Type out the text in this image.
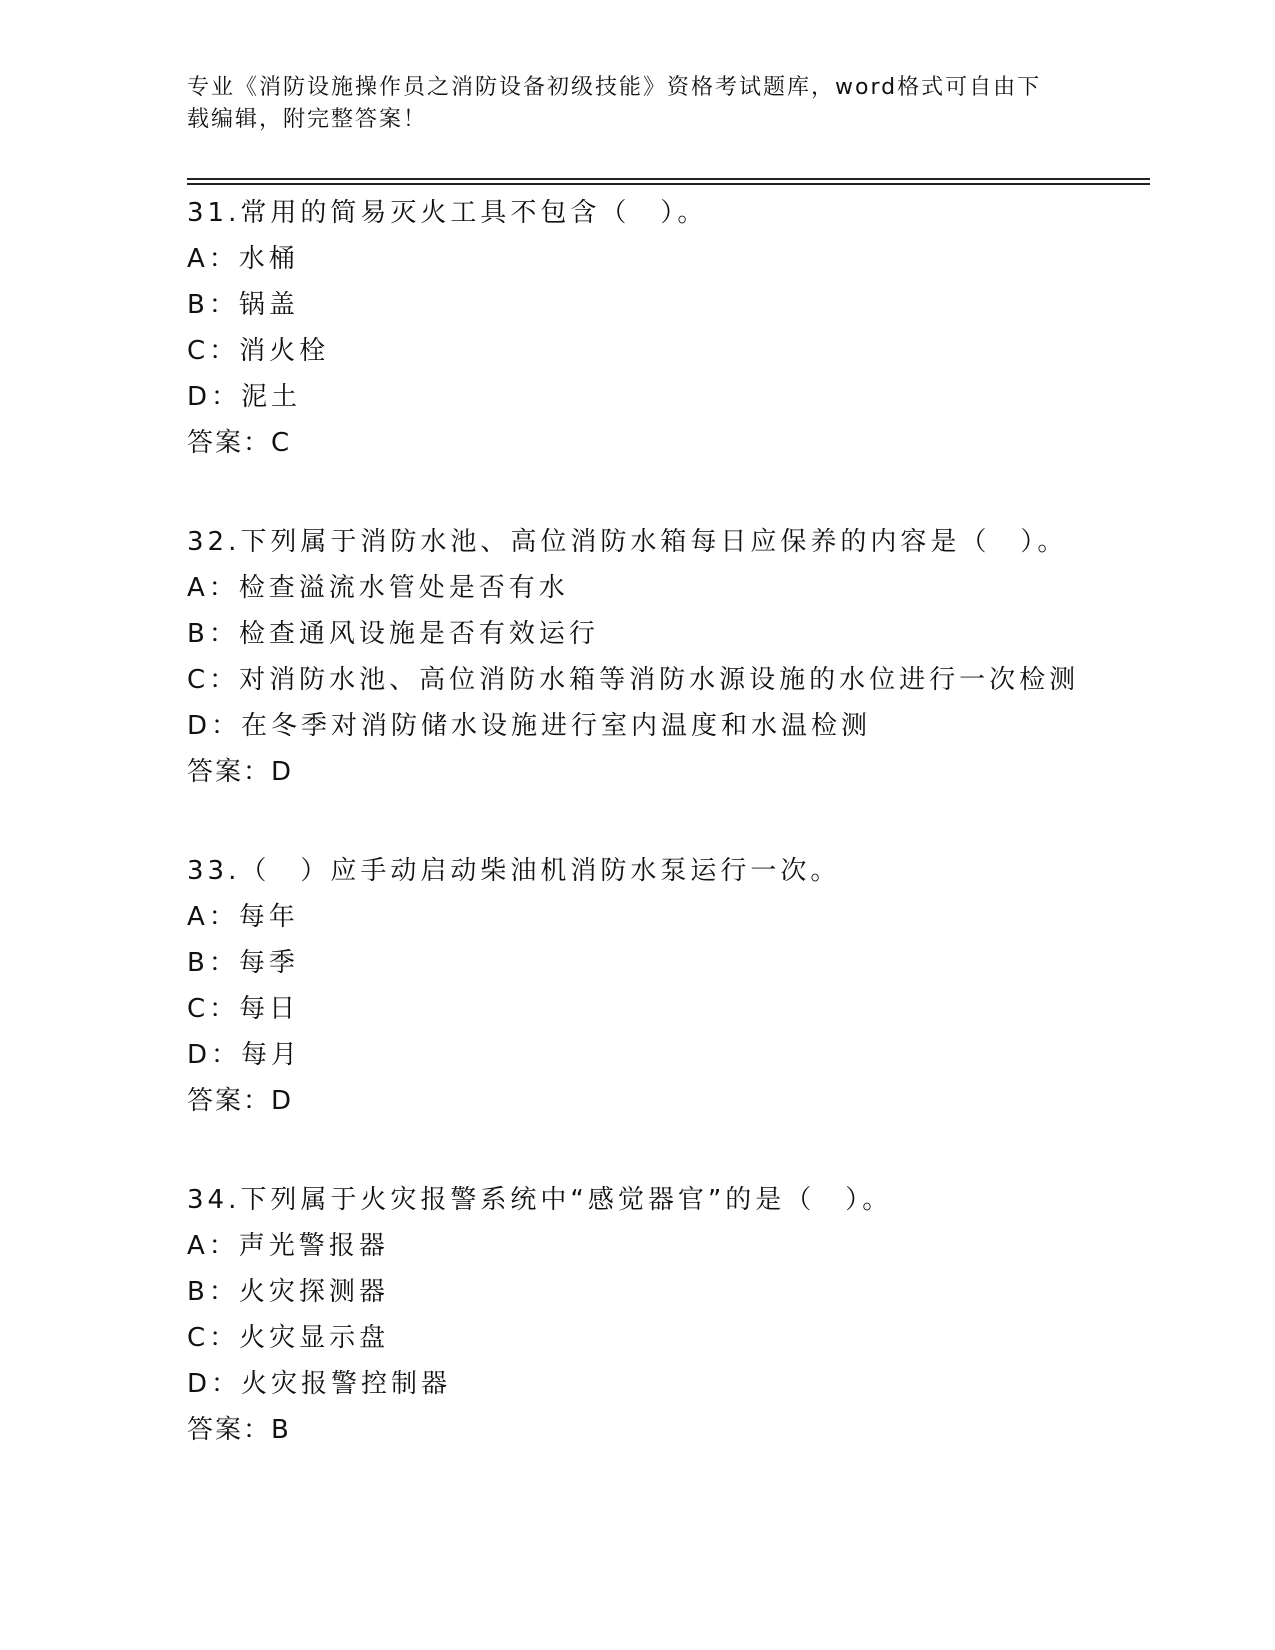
专业《消防设施操作员之消防设备初级技能》资格考试题库，word格式可自由下
载编辑，附完整答案！
31.常用的简易灭火工具不包含（　）。
A：水桶
B：锅盖
C：消火栓
D：泥土
答案：C
32.下列属于消防水池、高位消防水箱每日应保养的内容是（　）。
A：检查溢流水管处是否有水
B：检查通风设施是否有效运行
C：对消防水池、高位消防水箱等消防水源设施的水位进行一次检测
D：在冬季对消防储水设施进行室内温度和水温检测
答案：D
33.（　）应手动启动柴油机消防水泵运行一次。
A：每年
B：每季
C：每日
D：每月
答案：D
34.下列属于火灾报警系统中“感觉器官”的是（　）。
A：声光警报器
B：火灾探测器
C：火灾显示盘
D：火灾报警控制器
答案：B
